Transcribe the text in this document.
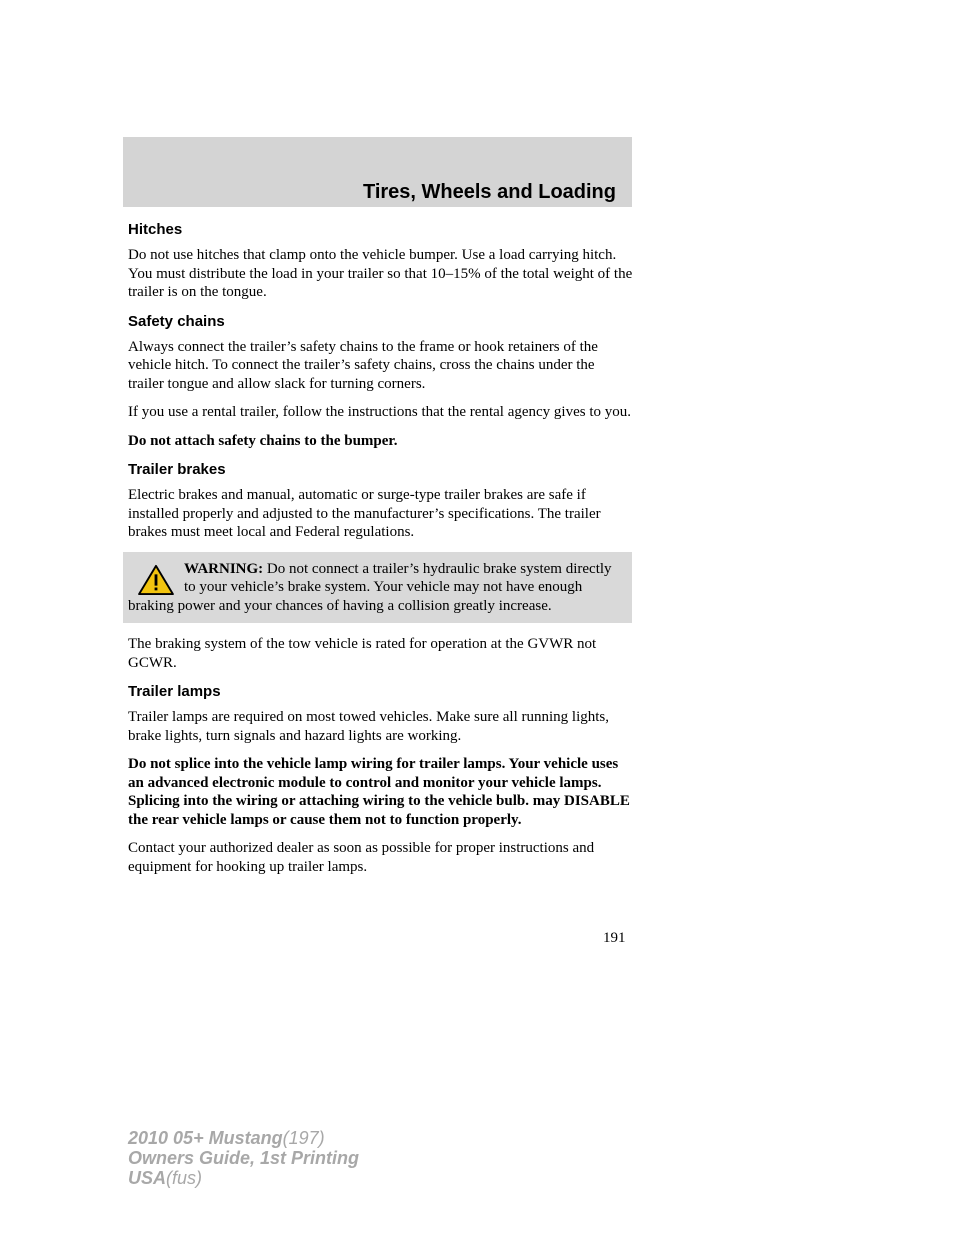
Tires, Wheels and Loading
Hitches

Do not use hitches that clamp onto the vehicle bumper. Use a load carrying hitch. You must distribute the load in your trailer so that 10–15% of the total weight of the trailer is on the tongue.

Safety chains

Always connect the trailer’s safety chains to the frame or hook retainers of the vehicle hitch. To connect the trailer’s safety chains, cross the chains under the trailer tongue and allow slack for turning corners.

If you use a rental trailer, follow the instructions that the rental agency gives to you.

Do not attach safety chains to the bumper.

Trailer brakes

Electric brakes and manual, automatic or surge-type trailer brakes are safe if installed properly and adjusted to the manufacturer’s specifications. The trailer brakes must meet local and Federal regulations.

WARNING: Do not connect a trailer’s hydraulic brake system directly to your vehicle’s brake system. Your vehicle may not have enough braking power and your chances of having a collision greatly increase.

The braking system of the tow vehicle is rated for operation at the GVWR not GCWR.

Trailer lamps

Trailer lamps are required on most towed vehicles. Make sure all running lights, brake lights, turn signals and hazard lights are working.

Do not splice into the vehicle lamp wiring for trailer lamps. Your vehicle uses an advanced electronic module to control and monitor your vehicle lamps. Splicing into the wiring or attaching wiring to the vehicle bulb. may DISABLE the rear vehicle lamps or cause them not to function properly.

Contact your authorized dealer as soon as possible for proper instructions and equipment for hooking up trailer lamps.

191
2010 05+ Mustang(197)
Owners Guide, 1st Printing
USA(fus)
